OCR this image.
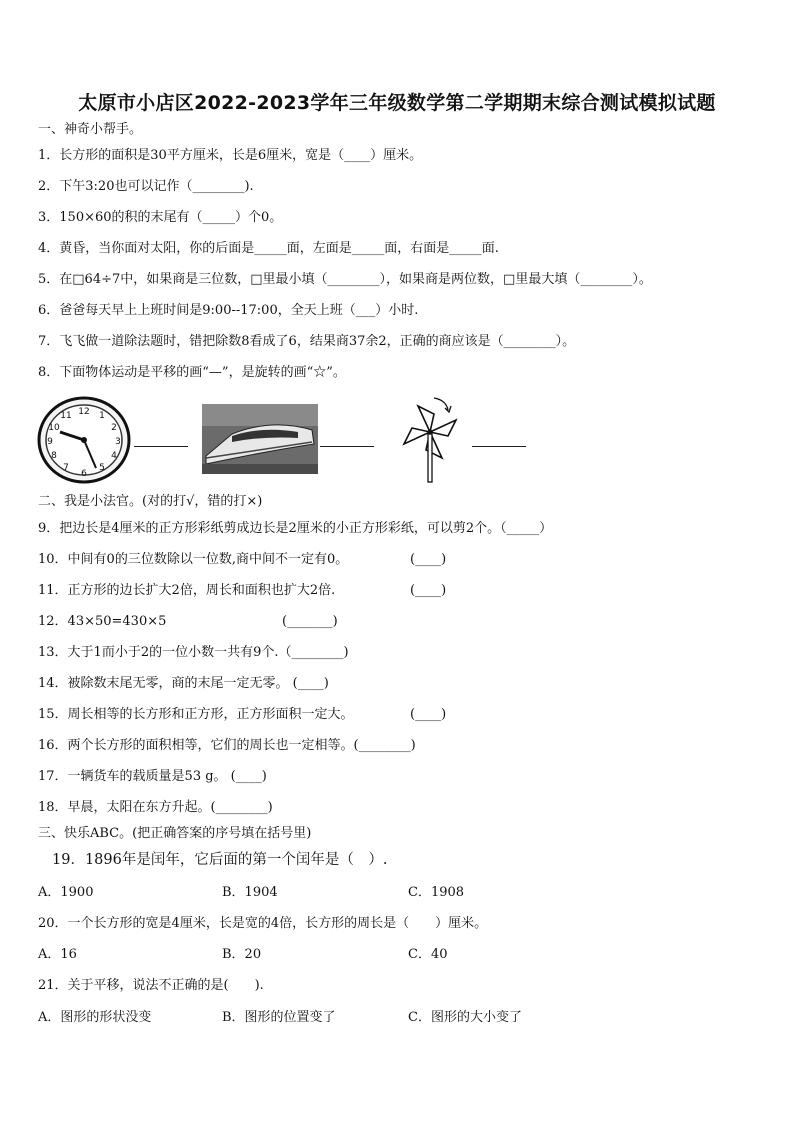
太原市小店区2022-2023学年三年级数学第二学期期末综合测试模拟试题
一、神奇小帮手。
1．长方形的面积是30平方厘米，长是6厘米，宽是（____）厘米。
2．下午3:20也可以记作（________).
3．150×60的积的末尾有（_____）个0。
4．黄昏，当你面对太阳，你的后面是_____面，左面是_____面，右面是_____面.
5．在□64÷7中，如果商是三位数，□里最小填（________），如果商是两位数，□里最大填（________）。
6．爸爸每天早上上班时间是9:00--17:00，全天上班（___）小时.
7．飞飞做一道除法题时，错把除数8看成了6，结果商37余2，正确的商应该是（________）。
8．下面物体运动是平移的画“—”，是旋转的画“☆”。
12 1
2
3
4
5
6
7
8
9
10
11
二、我是小法官。(对的打√，错的打×)
9．把边长是4厘米的正方形彩纸剪成边长是2厘米的小正方形彩纸，可以剪2个。（_____）
10．中间有0的三位数除以一位数,商中间不一定有0。	(____)
11．正方形的边长扩大2倍，周长和面积也扩大2倍.	(____)
12．43×50=430×5	(_______)
13．大于1而小于2的一位小数一共有9个.（________)
14．被除数末尾无零，商的末尾一定无零。 (____)
15．周长相等的长方形和正方形，正方形面积一定大。	(____)
16．两个长方形的面积相等，它们的周长也一定相等。(________)
17．一辆货车的载质量是53 g。 (____)
18．早晨，太阳在东方升起。(________)
三、快乐ABC。(把正确答案的序号填在括号里)
19．1896年是闰年，它后面的第一个闰年是（　）.
A．1900	B．1904	C．1908
20．一个长方形的宽是4厘米，长是宽的4倍，长方形的周长是（　　）厘米。
A．16	B．20	C．40
21．关于平移，说法不正确的是(　　).
A．图形的形状没变	B．图形的位置变了	C．图形的大小变了
